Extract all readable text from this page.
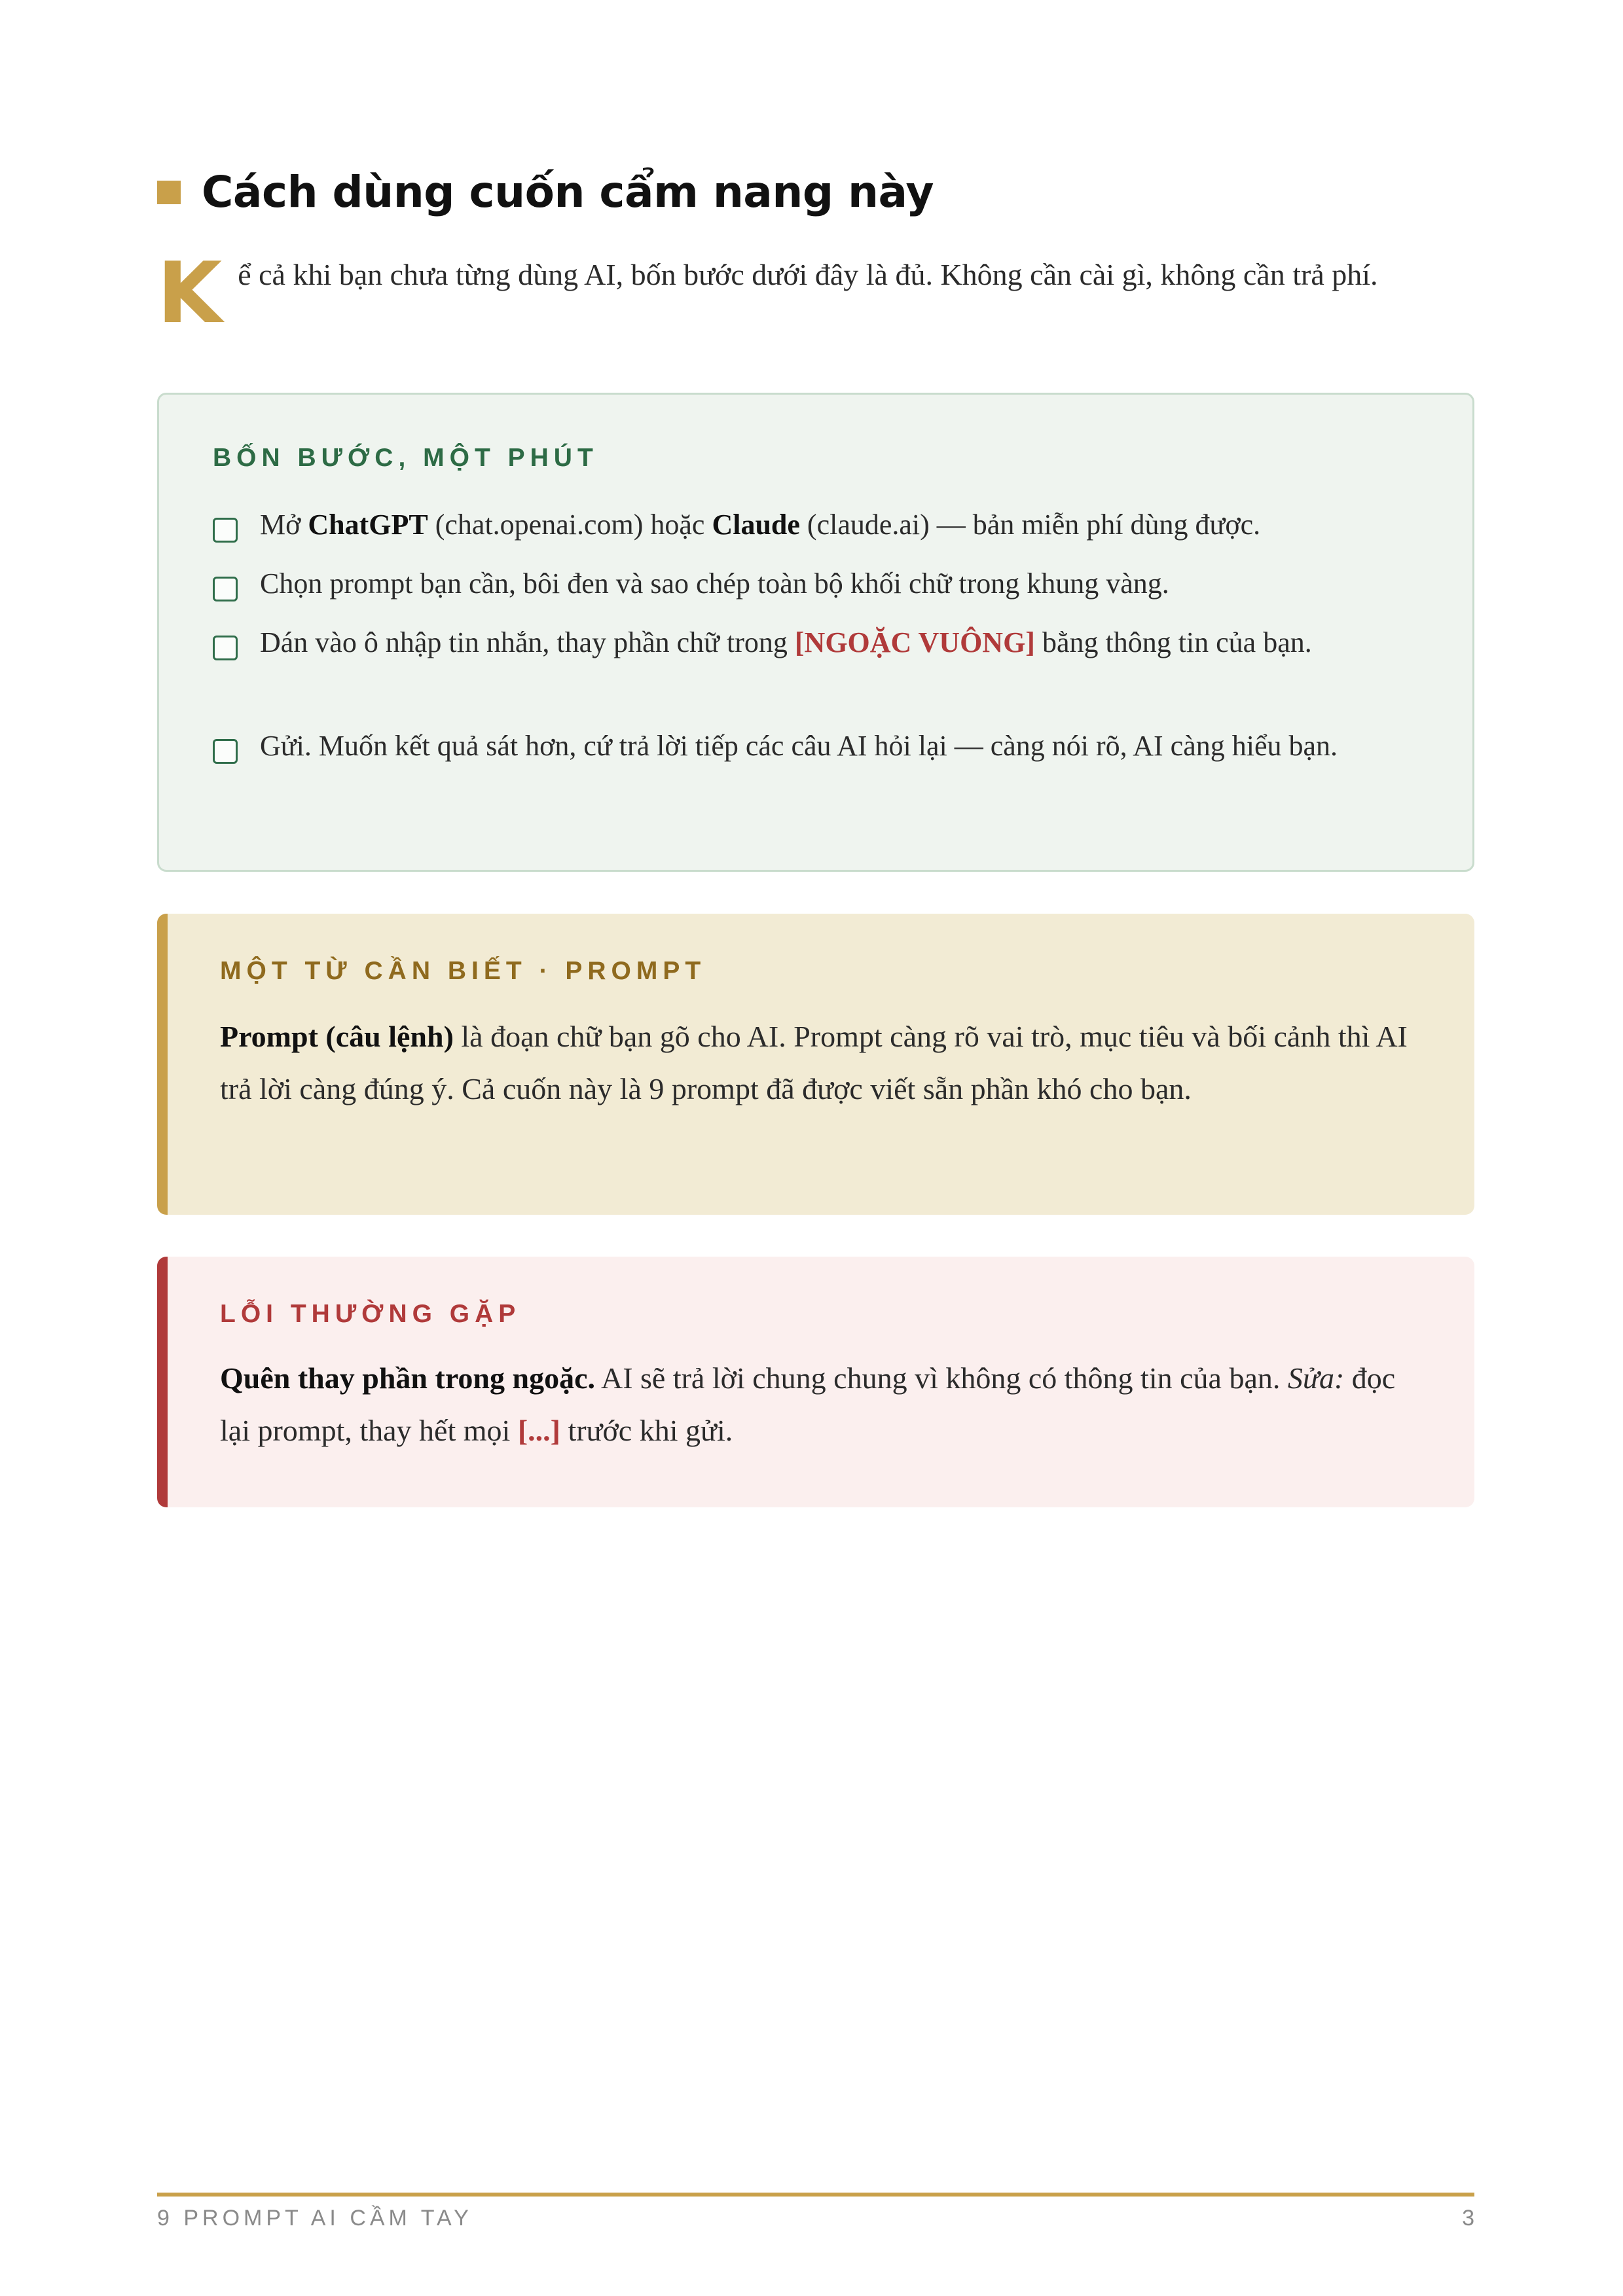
Cách dùng cuốn cẩm nang này
K ể cả khi bạn chưa từng dùng AI, bốn bước dưới đây là đủ. Không cần cài gì, không cần trả phí.
BỐN BƯỚC, MỘT PHÚT
Mở ChatGPT (chat.openai.com) hoặc Claude (claude.ai) — bản miễn phí dùng được.
Chọn prompt bạn cần, bôi đen và sao chép toàn bộ khối chữ trong khung vàng.
Dán vào ô nhập tin nhắn, thay phần chữ trong [NGOẶC VUÔNG] bằng thông tin của bạn.
Gửi. Muốn kết quả sát hơn, cứ trả lời tiếp các câu AI hỏi lại — càng nói rõ, AI càng hiểu bạn.
MỘT TỪ CẦN BIẾT · PROMPT
Prompt (câu lệnh) là đoạn chữ bạn gõ cho AI. Prompt càng rõ vai trò, mục tiêu và bối cảnh thì AI trả lời càng đúng ý. Cả cuốn này là 9 prompt đã được viết sẵn phần khó cho bạn.
LỖI THƯỜNG GẶP
Quên thay phần trong ngoặc. AI sẽ trả lời chung chung vì không có thông tin của bạn. Sửa: đọc lại prompt, thay hết mọi [...] trước khi gửi.
9 PROMPT AI CẦM TAY	3
